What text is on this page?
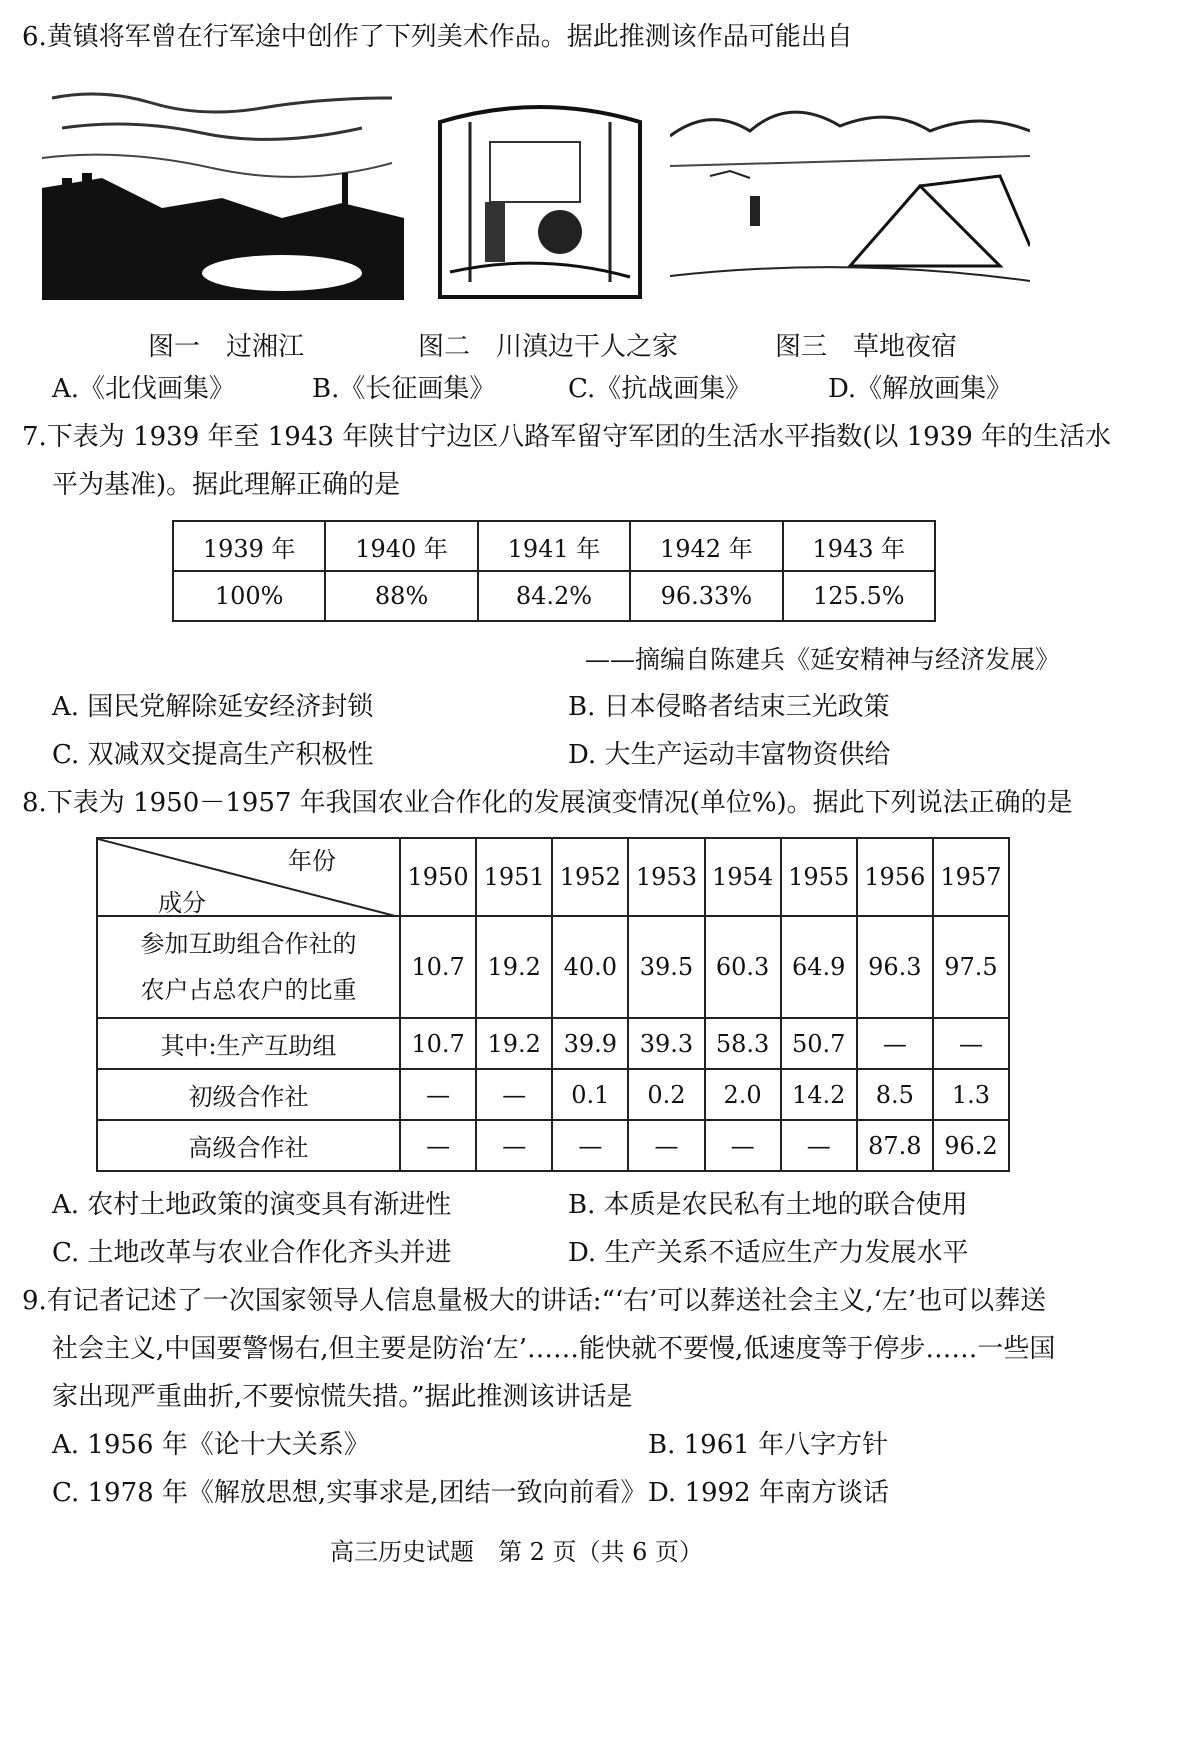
6.黄镇将军曾在行军途中创作了下列美术作品。据此推测该作品可能出自
图一　过湘江	图二　川滇边干人之家	图三　草地夜宿
A.《北伐画集》	B.《长征画集》	C.《抗战画集》	D.《解放画集》
7.下表为 1939 年至 1943 年陕甘宁边区八路军留守军团的生活水平指数(以 1939 年的生活水
平为基准)。据此理解正确的是
1939 年	1940 年	1941 年	1942 年	1943 年
100%	88%	84.2%	96.33%	125.5%
——摘编自陈建兵《延安精神与经济发展》
A. 国民党解除延安经济封锁	B. 日本侵略者结束三光政策
C. 双减双交提高生产积极性	D. 大生产运动丰富物资供给
8.下表为 1950－1957 年我国农业合作化的发展演变情况(单位%)。据此下列说法正确的是
年份
成分	1950	1951	1952	1953	1954	1955	1956	1957

参加互助组合作社的
农户占总农户的比重	10.7	19.2	40.0	39.5	60.3	64.9	96.3	97.5
其中:生产互助组	10.7	19.2	39.9	39.3	58.3	50.7	—	—
初级合作社	—	—	0.1	0.2	2.0	14.2	8.5	1.3
高级合作社	—	—	—	—	—	—	87.8	96.2
A. 农村土地政策的演变具有渐进性	B. 本质是农民私有土地的联合使用
C. 土地改革与农业合作化齐头并进	D. 生产关系不适应生产力发展水平
9.有记者记述了一次国家领导人信息量极大的讲话:“‘右’可以葬送社会主义,‘左’也可以葬送
社会主义,中国要警惕右,但主要是防治‘左’……能快就不要慢,低速度等于停步……一些国
家出现严重曲折,不要惊慌失措。”据此推测该讲话是
A. 1956 年《论十大关系》	B. 1961 年八字方针
C. 1978 年《解放思想,实事求是,团结一致向前看》 D. 1992 年南方谈话
高三历史试题　第 2 页（共 6 页）
